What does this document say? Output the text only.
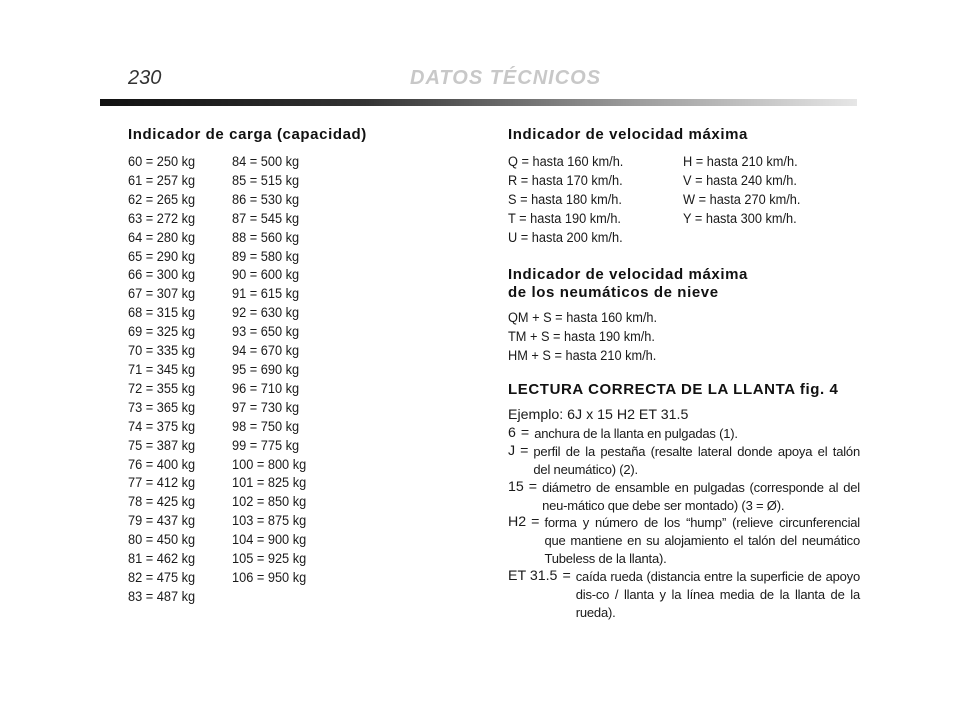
230	DATOS TÉCNICOS
Indicador de carga (capacidad)
60 = 250 kg
61 = 257 kg
62 = 265 kg
63 = 272 kg
64 = 280 kg
65 = 290 kg
66 = 300 kg
67 = 307 kg
68 = 315 kg
69 = 325 kg
70 = 335 kg
71 = 345 kg
72 = 355 kg
73 = 365 kg
74 = 375 kg
75 = 387 kg
76 = 400 kg
77 = 412 kg
78 = 425 kg
79 = 437 kg
80 = 450 kg
81 = 462 kg
82 = 475 kg
83 = 487 kg
84 = 500 kg
85 = 515 kg
86 = 530 kg
87 = 545 kg
88 = 560 kg
89 = 580 kg
90 = 600 kg
91 = 615 kg
92 = 630 kg
93 = 650 kg
94 = 670 kg
95 = 690 kg
96 = 710 kg
97 = 730 kg
98 = 750 kg
99 = 775 kg
100 = 800 kg
101 = 825 kg
102 = 850 kg
103 = 875 kg
104 = 900 kg
105 = 925 kg
106 = 950 kg
Indicador de velocidad máxima
Q = hasta 160 km/h.
R = hasta 170 km/h.
S = hasta 180 km/h.
T = hasta 190 km/h.
U = hasta 200 km/h.
H = hasta 210 km/h.
V = hasta 240 km/h.
W = hasta 270 km/h.
Y = hasta 300 km/h.
Indicador de velocidad máxima
de los neumáticos de nieve
QM + S = hasta 160 km/h.
TM + S = hasta 190 km/h.
HM + S = hasta 210 km/h.
LECTURA CORRECTA DE LA LLANTA fig. 4
Ejemplo: 6J x 15 H2 ET 31.5
6 = anchura de la llanta en pulgadas (1).
J = perfil de la pestaña (resalte lateral donde apoya el talón del neumático) (2).
15 = diámetro de ensamble en pulgadas (corresponde al del neu-mático que debe ser montado) (3 = Ø).
H2 = forma y número de los “hump” (relieve circunferencial que mantiene en su alojamiento el talón del neumático Tubeless de la llanta).
ET 31.5 = caída rueda (distancia entre la superficie de apoyo dis-co / llanta y la línea media de la llanta de la rueda).
